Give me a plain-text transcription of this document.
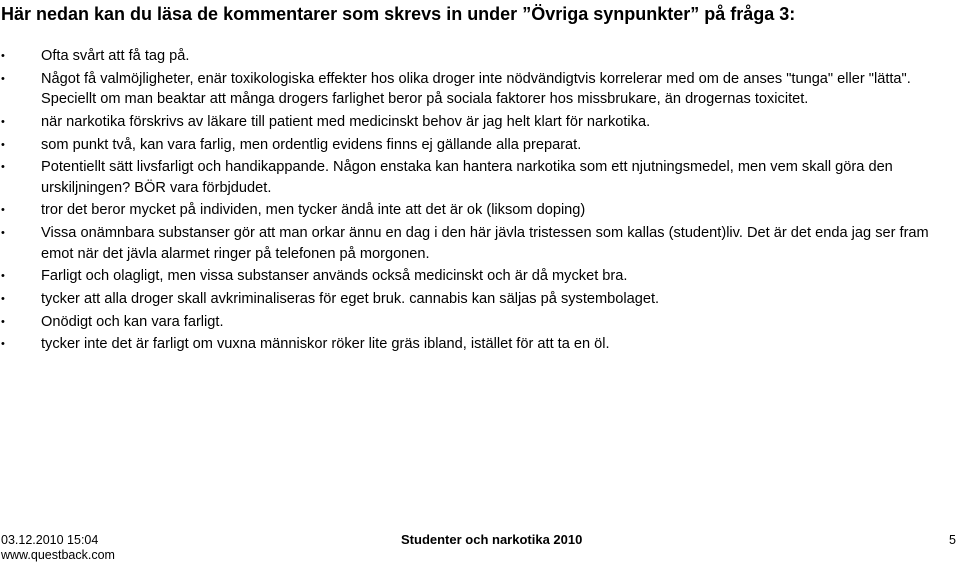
Här nedan kan du läsa de kommentarer som skrevs in under ”Övriga synpunkter” på fråga 3:
•	Ofta svårt att få tag på.
•	Något få valmöjligheter, enär toxikologiska effekter hos olika droger inte nödvändigtvis korrelerar med om de anses "tunga" eller "lätta". Speciellt om man beaktar att många drogers farlighet beror på sociala faktorer hos missbrukare, än drogernas toxicitet.
•	när narkotika förskrivs av läkare till patient med medicinskt behov är jag helt klart för narkotika.
•	som punkt två, kan vara farlig, men ordentlig evidens finns ej gällande alla preparat.
•	Potentiellt sätt livsfarligt och handikappande. Någon enstaka kan hantera narkotika som ett njutningsmedel, men vem skall göra den urskiljningen? BÖR vara förbjdudet.
•	tror det beror mycket på individen, men tycker ändå inte att det är ok (liksom doping)
•	Vissa onämnbara substanser gör att man orkar ännu en dag i den här jävla tristessen som kallas (student)liv. Det är det enda jag ser fram emot när det jävla alarmet ringer på telefonen på morgonen.
•	Farligt och olagligt, men vissa substanser används också medicinskt och är då mycket bra.
•	tycker att alla droger skall avkriminaliseras för eget bruk. cannabis kan säljas på systembolaget.
•	Onödigt och kan vara farligt.
•	tycker inte det är farligt om vuxna människor röker lite gräs ibland, istället för att ta en öl.
03.12.2010 15:04
www.questback.com
Studenter och narkotika 2010	5
